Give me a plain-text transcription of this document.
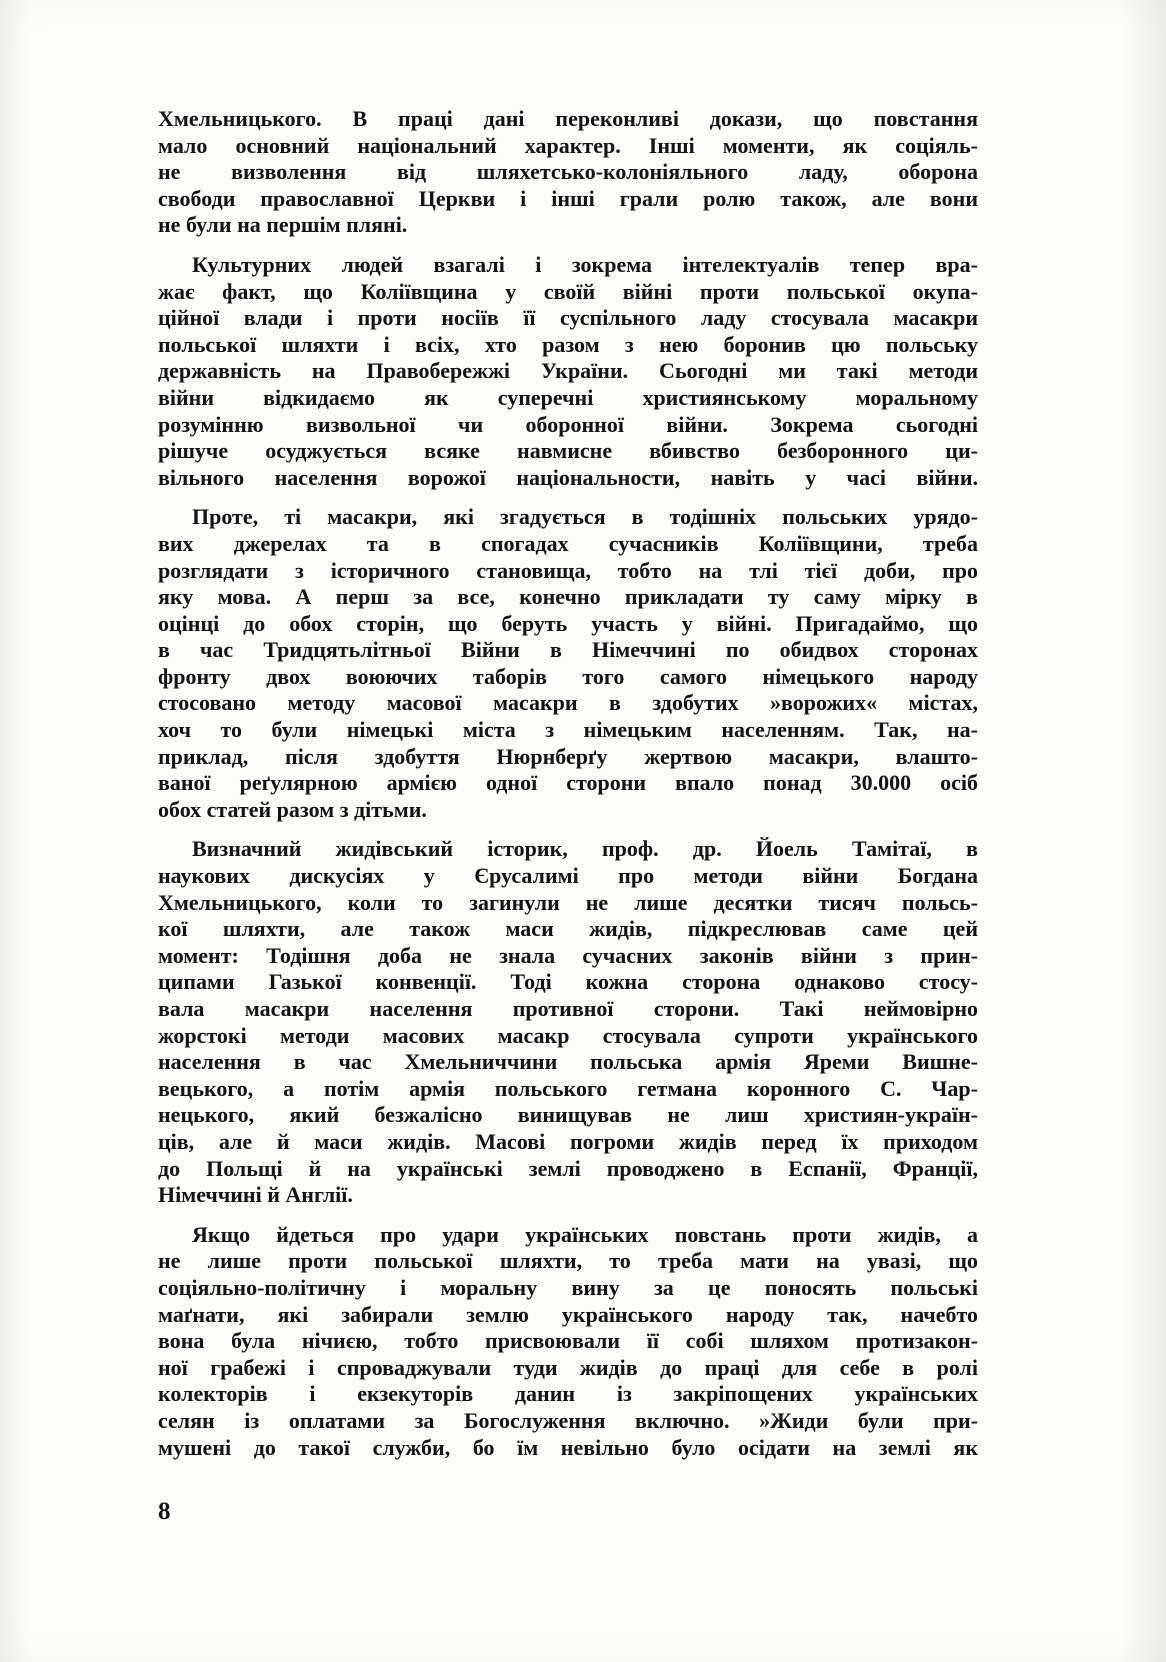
Хмельницького. В праці дані переконливі докази, що повстання
мало основний національний характер. Інші моменти, як соціяль-
не визволення від шляхетсько-колоніяльного ладу, оборона
свободи православної Церкви і інші грали ролю також, але вони
не були на першім пляні.

Культурних людей взагалі і зокрема інтелектуалів тепер вра-
жає факт, що Коліївщина у своїй війні проти польської окупа-
ційної влади і проти носіїв її суспільного ладу стосувала масакри
польської шляхти і всіх, хто разом з нею боронив цю польську
державність на Правобережжі України. Сьогодні ми такі методи
війни відкидаємо як суперечні християнському моральному
розумінню визвольної чи оборонної війни. Зокрема сьогодні
рішуче осуджується всяке навмисне вбивство безборонного ци-
вільного населення ворожої національности, навіть у часі війни.

Проте, ті масакри, які згадується в тодішніх польських урядо-
вих джерелах та в спогадах сучасників Коліївщини, треба
розглядати з історичного становища, тобто на тлі тієї доби, про
яку мова. А перш за все, конечно прикладати ту саму мірку в
оцінці до обох сторін, що беруть участь у війні. Пригадаймо, що
в час Тридцятьлітньої Війни в Німеччині по обидвох сторонах
фронту двох воюючих таборів того самого німецького народу
стосовано методу масової масакри в здобутих »ворожих« містах,
хоч то були німецькі міста з німецьким населенням. Так, на-
приклад, після здобуття Нюрнберґу жертвою масакри, влашто-
ваної реґулярною армією одної сторони впало понад 30.000 осіб
обох статей разом з дітьми.

Визначний жидівський історик, проф. др. Йоель Тамітаї, в
наукових дискусіях у Єрусалимі про методи війни Богдана
Хмельницького, коли то загинули не лише десятки тисяч польсь-
кої шляхти, але також маси жидів, підкреслював саме цей
момент: Тодішня доба не знала сучасних законів війни з прин-
ципами Газької конвенції. Тоді кожна сторона однаково стосу-
вала масакри населення противної сторони. Такі неймовірно
жорстокі методи масових масакр стосувала супроти українського
населення в час Хмельниччини польська армія Яреми Вишне-
вецького, а потім армія польського гетмана коронного С. Чар-
нецького, який безжалісно винищував не лиш християн-україн-
ців, але й маси жидів. Масові погроми жидів перед їх приходом
до Польщі й на українські землі проводжено в Еспанії, Франції,
Німеччині й Англії.

Якщо йдеться про удари українських повстань проти жидів, а
не лише проти польської шляхти, то треба мати на увазі, що
соціяльно-політичну і моральну вину за це поносять польські
маґнати, які забирали землю українського народу так, начебто
вона була нічиєю, тобто присвоювали її собі шляхом протизакон-
ної грабежі і спроваджували туди жидів до праці для себе в ролі
колекторів і екзекуторів данин із закріпощених українських
селян із оплатами за Богослуження включно. »Жиди були при-
мушені до такої служби, бо їм невільно було осідати на землі як

8
